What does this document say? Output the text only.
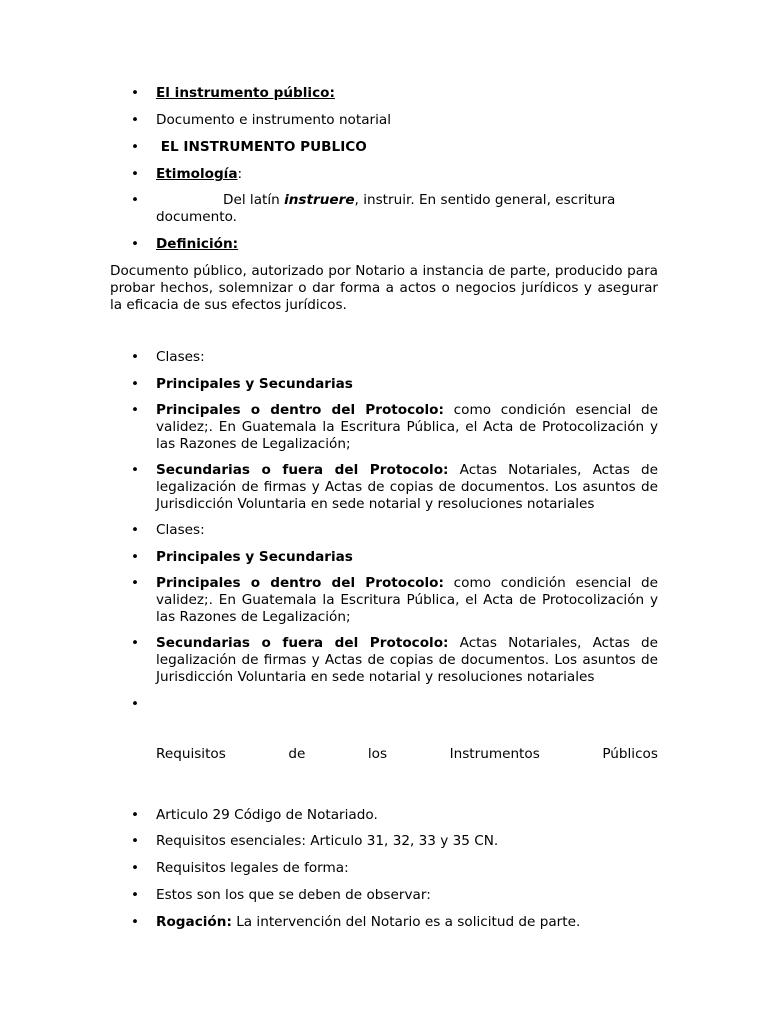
• El instrumento público:
• Documento e instrumento notarial
•  EL INSTRUMENTO PUBLICO
• Etimología:
• Del latín instruere, instruir. En sentido general, escritura documento.
• Definición:
Documento público, autorizado por Notario a instancia de parte, producido para probar hechos, solemnizar o dar forma a actos o negocios jurídicos y asegurar la eficacia de sus efectos jurídicos.
• Clases:
• Principales y Secundarias
• Principales o dentro del Protocolo: como condición esencial de validez;. En Guatemala la Escritura Pública, el Acta de Protocolización y las Razones de Legalización;
• Secundarias o fuera del Protocolo: Actas Notariales, Actas de legalización de firmas y Actas de copias de documentos. Los asuntos de Jurisdicción Voluntaria en sede notarial y resoluciones notariales
• Clases:
• Principales y Secundarias
• Principales o dentro del Protocolo: como condición esencial de validez;. En Guatemala la Escritura Pública, el Acta de Protocolización y las Razones de Legalización;
• Secundarias o fuera del Protocolo: Actas Notariales, Actas de legalización de firmas y Actas de copias de documentos. Los asuntos de Jurisdicción Voluntaria en sede notarial y resoluciones notariales
Requisitos	de	los	Instrumentos	Públicos
• Articulo 29 Código de Notariado.
• Requisitos esenciales: Articulo 31, 32, 33 y 35 CN.
• Requisitos legales de forma:
• Estos son los que se deben de observar:
• Rogación: La intervención del Notario es a solicitud de parte.
